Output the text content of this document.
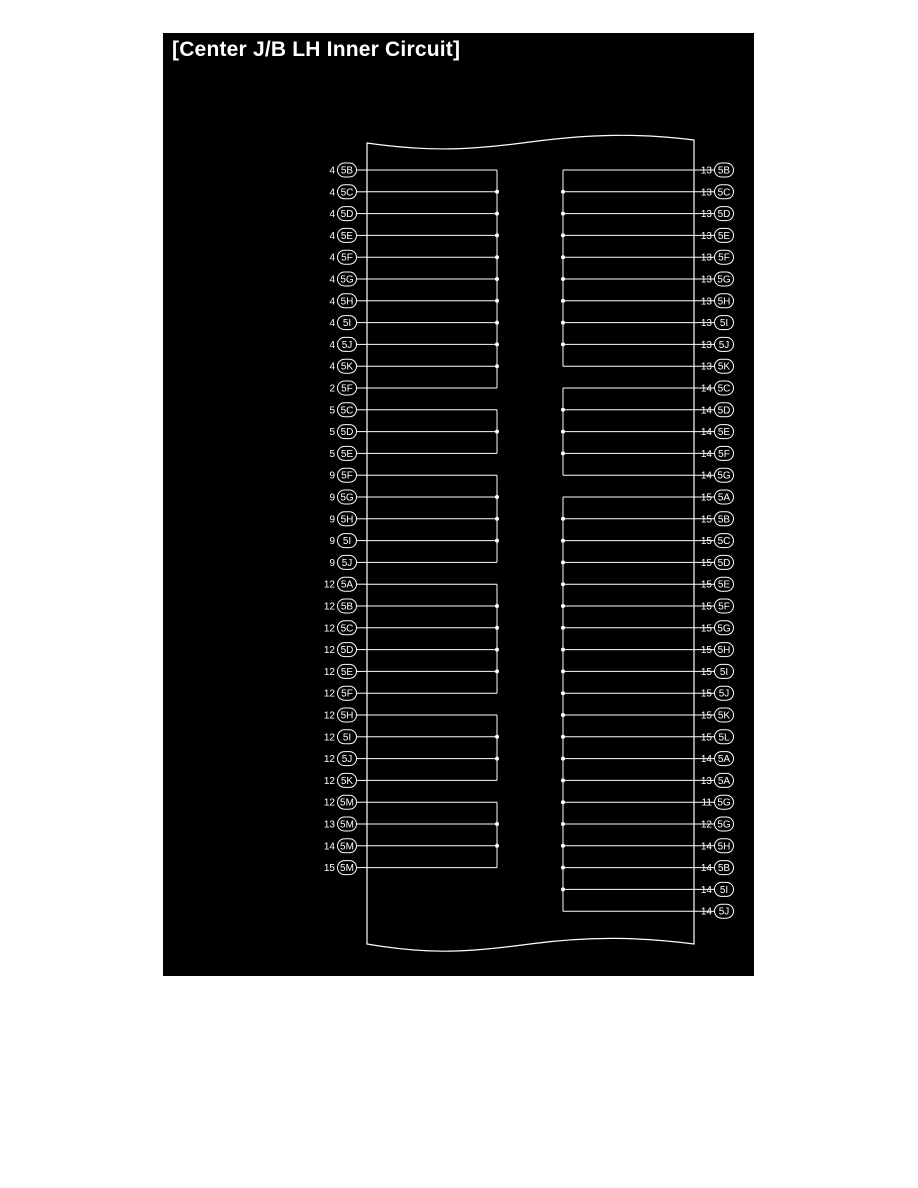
[Center J/B LH Inner Circuit]
5B
4
5C
4
5D
4
5E
4
5F
4
5G
4
5H
4
5I
4
5J
4
5K
4
5F
2
5C
5
5D
5
5E
5
5F
9
5G
9
5H
9
5I
9
5J
9
5A
12
5B
12
5C
12
5D
12
5E
12
5F
12
5H
12
5I
12
5J
12
5K
12
5M
12
5M
13
5M
14
5M
15
5B
13
5C
13
5D
13
5E
13
5F
13
5G
13
5H
13
5I
13
5J
13
5K
13
5C
14
5D
14
5E
14
5F
14
5G
14
5A
15
5B
15
5C
15
5D
15
5E
15
5F
15
5G
15
5H
15
5I
15
5J
15
5K
15
5L
15
5A
14
5A
13
5G
11
5G
12
5H
14
5B
14
5I
14
5J
14
